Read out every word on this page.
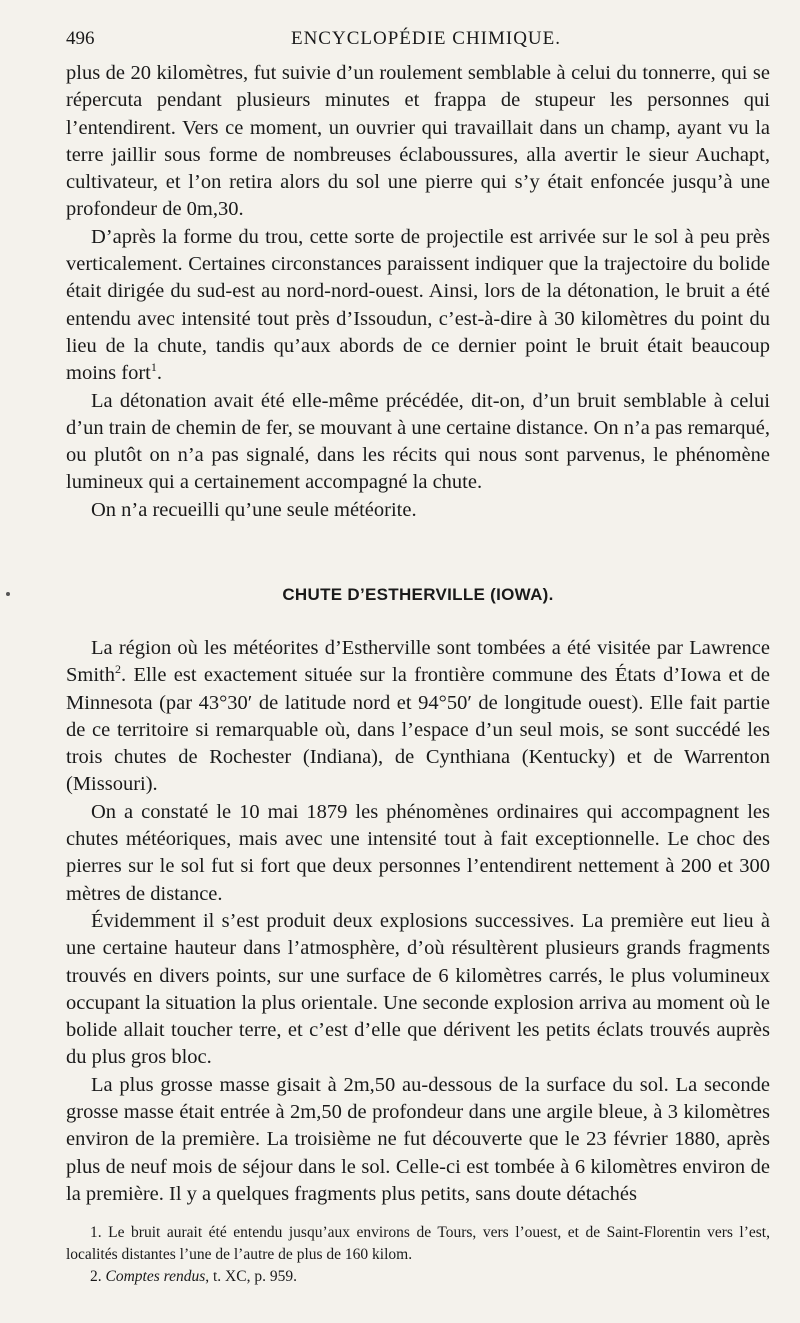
496	ENCYCLOPÉDIE CHIMIQUE.

plus de 20 kilomètres, fut suivie d’un roulement semblable à celui du tonnerre, qui se répercuta pendant plusieurs minutes et frappa de stupeur les personnes qui l’entendirent. Vers ce moment, un ouvrier qui travaillait dans un champ, ayant vu la terre jaillir sous forme de nombreuses éclaboussures, alla avertir le sieur Auchapt, cultivateur, et l’on retira alors du sol une pierre qui s’y était enfoncée jusqu’à une profondeur de 0m,30.

D’après la forme du trou, cette sorte de projectile est arrivée sur le sol à peu près verticalement. Certaines circonstances paraissent indiquer que la trajectoire du bolide était dirigée du sud-est au nord-nord-ouest. Ainsi, lors de la détonation, le bruit a été entendu avec intensité tout près d’Issoudun, c’est-à-dire à 30 kilomètres du point du lieu de la chute, tandis qu’aux abords de ce dernier point le bruit était beaucoup moins fort$^1$.

La détonation avait été elle-même précédée, dit-on, d’un bruit semblable à celui d’un train de chemin de fer, se mouvant à une certaine distance. On n’a pas remarqué, ou plutôt on n’a pas signalé, dans les récits qui nous sont parvenus, le phénomène lumineux qui a certainement accompagné la chute.

On n’a recueilli qu’une seule météorite.

CHUTE D’ESTHERVILLE (IOWA).

La région où les météorites d’Estherville sont tombées a été visitée par Lawrence Smith$^2$. Elle est exactement située sur la frontière commune des États d’Iowa et de Minnesota (par 43°30′ de latitude nord et 94°50′ de longitude ouest). Elle fait partie de ce territoire si remarquable où, dans l’espace d’un seul mois, se sont succédé les trois chutes de Rochester (Indiana), de Cynthiana (Kentucky) et de Warrenton (Missouri).

On a constaté le 10 mai 1879 les phénomènes ordinaires qui accompagnent les chutes météoriques, mais avec une intensité tout à fait exceptionnelle. Le choc des pierres sur le sol fut si fort que deux personnes l’entendirent nettement à 200 et 300 mètres de distance.

Évidemment il s’est produit deux explosions successives. La première eut lieu à une certaine hauteur dans l’atmosphère, d’où résultèrent plusieurs grands fragments trouvés en divers points, sur une surface de 6 kilomètres carrés, le plus volumineux occupant la situation la plus orientale. Une seconde explosion arriva au moment où le bolide allait toucher terre, et c’est d’elle que dérivent les petits éclats trouvés auprès du plus gros bloc.

La plus grosse masse gisait à 2m,50 au-dessous de la surface du sol. La seconde grosse masse était entrée à 2m,50 de profondeur dans une argile bleue, à 3 kilomètres environ de la première. La troisième ne fut découverte que le 23 février 1880, après plus de neuf mois de séjour dans le sol. Celle-ci est tombée à 6 kilomètres environ de la première. Il y a quelques fragments plus petits, sans doute détachés

1. Le bruit aurait été entendu jusqu’aux environs de Tours, vers l’ouest, et de Saint-Florentin vers l’est, localités distantes l’une de l’autre de plus de 160 kilom.

2. Comptes rendus, t. XC, p. 959.
